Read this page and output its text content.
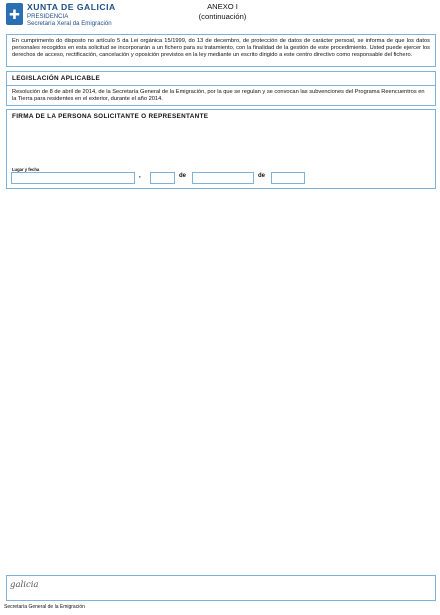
✚ XUNTA DE GALICIA
PRESIDENCIA
Secretaría Xeral da Emigración
ANEXO I
(continuación)
En cumprimento do disposto no artículo 5 da Lei orgánica 15/1999, do 13 de decembro, de protección de datos de carácter persoal, se informa de que los datos personales recogidos en esta solicitud se incorporarán a un fichero para su tratamiento, con la finalidad de la gestión de este procedimiento. Usted puede ejercer los derechos de acceso, rectificación, cancelación y oposición previstos en la ley mediante un escrito dirigido a este centro directivo como responsable del fichero.
LEGISLACIÓN APLICABLE
Resolución de 8 de abril de 2014, de la Secretaría General de la Emigración, por la que se regulan y se convocan las subvenciones del Programa Reencuentros en la Tierra para residentes en el exterior, durante el año 2014.
FIRMA DE LA PERSONA SOLICITANTE O REPRESENTANTE
Lugar y fecha
,	de	de
galicia
Secretaría General de la Emigración
